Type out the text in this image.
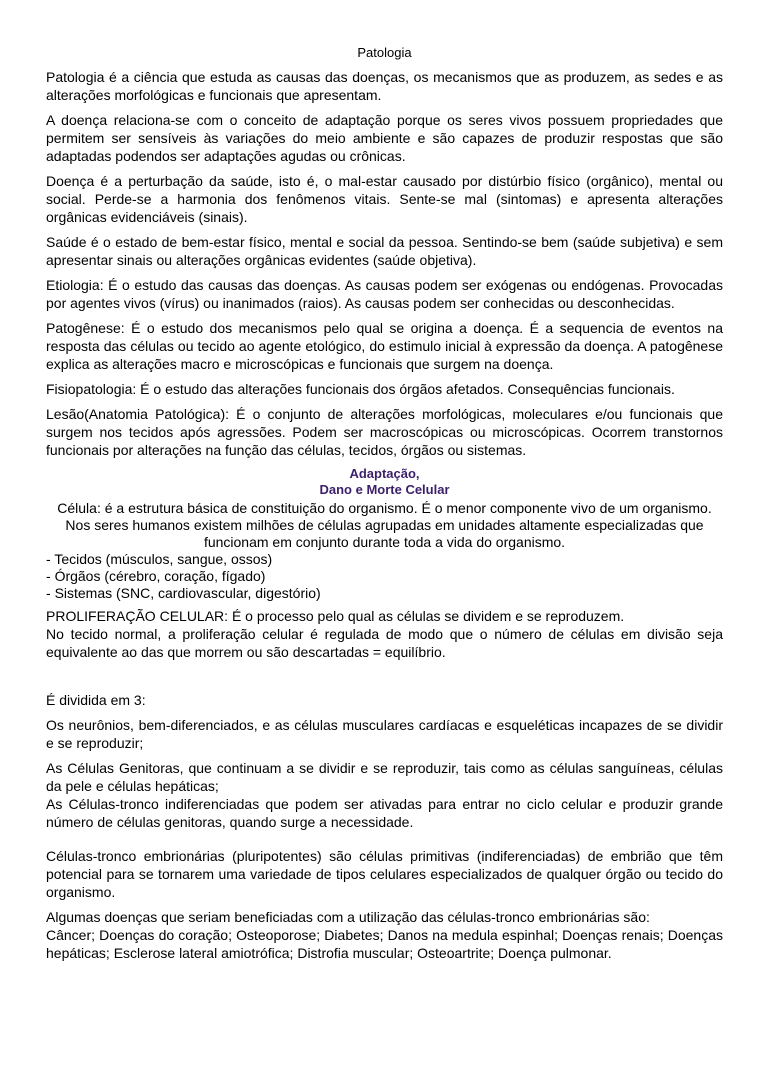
Patologia

Patologia é a ciência que estuda as causas das doenças, os mecanismos que as produzem, as sedes e as alterações morfológicas e funcionais que apresentam.

A doença relaciona-se com o conceito de adaptação porque os seres vivos possuem propriedades que permitem ser sensíveis às variações do meio ambiente e são capazes de produzir respostas que são adaptadas podendos ser adaptações agudas ou crônicas.

Doença é a perturbação da saúde, isto é, o mal-estar causado por distúrbio físico (orgânico), mental ou social. Perde-se a harmonia dos fenômenos vitais. Sente-se mal (sintomas) e apresenta alterações orgânicas evidenciáveis (sinais).

Saúde é o estado de bem-estar físico, mental e social da pessoa. Sentindo-se bem (saúde subjetiva) e sem apresentar sinais ou alterações orgânicas evidentes (saúde objetiva).

Etiologia: É o estudo das causas das doenças. As causas podem ser exógenas ou endógenas. Provocadas por agentes vivos (vírus) ou inanimados (raios). As causas podem ser conhecidas ou desconhecidas.

Patogênese: É o estudo dos mecanismos pelo qual se origina a doença. É a sequencia de eventos na resposta das células ou tecido ao agente etológico, do estimulo inicial à expressão da doença. A patogênese explica as alterações macro e microscópicas e funcionais que surgem na doença.

Fisiopatologia: É o estudo das alterações funcionais dos órgãos afetados. Consequências funcionais.

Lesão(Anatomia Patológica): É o conjunto de alterações morfológicas, moleculares e/ou funcionais que surgem nos tecidos após agressões. Podem ser macroscópicas ou microscópicas. Ocorrem transtornos funcionais por alterações na função das células, tecidos, órgãos ou sistemas.

Adaptação,
Dano e Morte Celular
Célula: é a estrutura básica de constituição do organismo. É o menor componente vivo de um organismo. Nos seres humanos existem milhões de células agrupadas em unidades altamente especializadas que funcionam em conjunto durante toda a vida do organismo.
- Tecidos (músculos, sangue, ossos)
- Órgãos (cérebro, coração, fígado)
- Sistemas (SNC, cardiovascular, digestório)

PROLIFERAÇÃO CELULAR: É o processo pelo qual as células se dividem e se reproduzem.

No tecido normal, a proliferação celular é regulada de modo que o número de células em divisão seja equivalente ao das que morrem ou são descartadas = equilíbrio.

É dividida em 3:

Os neurônios, bem-diferenciados, e as células musculares cardíacas e esqueléticas incapazes de se dividir e se reproduzir;

As Células Genitoras, que continuam a se dividir e se reproduzir, tais como as células sanguíneas, células da pele e células hepáticas;

As Células-tronco indiferenciadas que podem ser ativadas para entrar no ciclo celular e produzir grande número de células genitoras, quando surge a necessidade.

Células-tronco embrionárias (pluripotentes) são células primitivas (indiferenciadas) de embrião que têm potencial para se tornarem uma variedade de tipos celulares especializados de qualquer órgão ou tecido do organismo.

Algumas doenças que seriam beneficiadas com a utilização das células-tronco embrionárias são:

Câncer; Doenças do coração; Osteoporose; Diabetes; Danos na medula espinhal; Doenças renais; Doenças hepáticas; Esclerose lateral amiotrófica; Distrofia muscular; Osteoartrite; Doença pulmonar.
